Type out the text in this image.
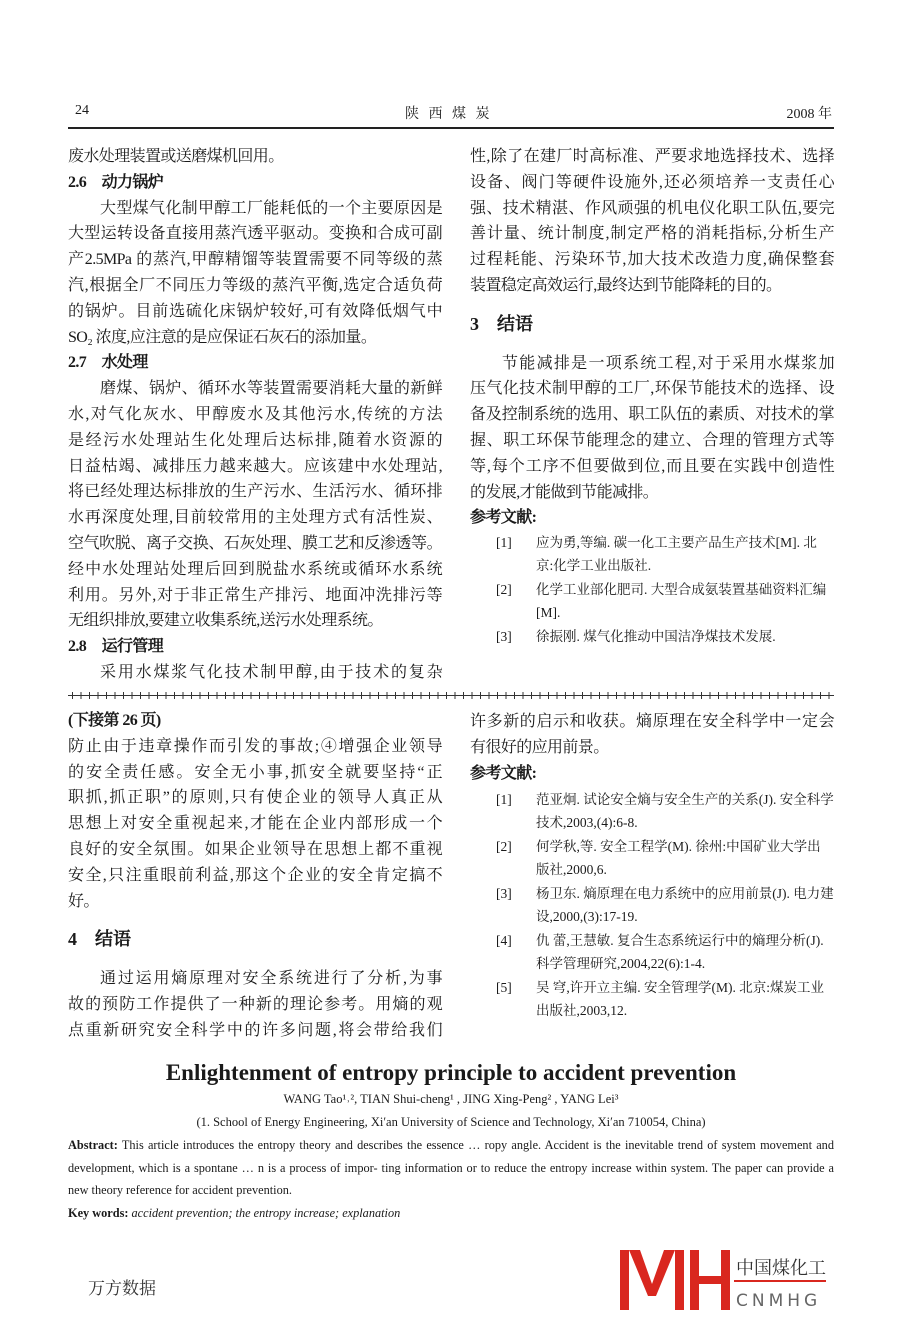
24	陕 西 煤 炭	2008 年
废水处理装置或送磨煤机回用。
2.6　动力锅炉
大型煤气化制甲醇工厂能耗低的一个主要原因是
大型运转设备直接用蒸汽透平驱动。变换和合成可副
产2.5MPa 的蒸汽,甲醇精馏等装置需要不同等级的蒸
汽,根据全厂不同压力等级的蒸汽平衡,选定合适负荷
的锅炉。目前选硫化床锅炉较好,可有效降低烟气中
SO₂ 浓度,应注意的是应保证石灰石的添加量。
2.7　水处理
磨煤、锅炉、循环水等装置需要消耗大量的新鲜
水,对气化灰水、甲醇废水及其他污水,传统的方法
是经污水处理站生化处理后达标排,随着水资源的
日益枯竭、减排压力越来越大。应该建中水处理站,
将已经处理达标排放的生产污水、生活污水、循环排
水再深度处理,目前较常用的主处理方式有活性炭、
空气吹脱、离子交换、石灰处理、膜工艺和反渗透等。
经中水处理站处理后回到脱盐水系统或循环水系统
利用。另外,对于非正常生产排污、地面冲洗排污等
无组织排放,要建立收集系统,送污水处理系统。
2.8　运行管理
采用水煤浆气化技术制甲醇,由于技术的复杂
性,除了在建厂时高标准、严要求地选择技术、选择
设备、阀门等硬件设施外,还必须培养一支责任心
强、技术精湛、作风顽强的机电仪化职工队伍,要完
善计量、统计制度,制定严格的消耗指标,分析生产
过程耗能、污染环节,加大技术改造力度,确保整套
装置稳定高效运行,最终达到节能降耗的目的。
3　结语
节能减排是一项系统工程,对于采用水煤浆加
压气化技术制甲醇的工厂,环保节能技术的选择、设
备及控制系统的选用、职工队伍的素质、对技术的掌
握、职工环保节能理念的建立、合理的管理方式等
等,每个工序不但要做到位,而且要在实践中创造性
的发展,才能做到节能减排。
参考文献:
[1]	应为勇,等编. 碳一化工主要产品生产技术[M]. 北京:化学工业出版社.
[2]	化学工业部化肥司. 大型合成氨装置基础资料汇编[M].
[3]	徐振刚. 煤气化推动中国洁净煤技术发展.
(下接第 26 页)
防止由于违章操作而引发的事故;④增强企业领导
的安全责任感。安全无小事,抓安全就要坚持“正
职抓,抓正职”的原则,只有使企业的领导人真正从
思想上对安全重视起来,才能在企业内部形成一个
良好的安全氛围。如果企业领导在思想上都不重视
安全,只注重眼前利益,那这个企业的安全肯定搞不
好。
4　结语
通过运用熵原理对安全系统进行了分析,为事
故的预防工作提供了一种新的理论参考。用熵的观
点重新研究安全科学中的许多问题,将会带给我们
许多新的启示和收获。熵原理在安全科学中一定会
有很好的应用前景。
参考文献:
[1]	范亚炯. 试论安全熵与安全生产的关系(J). 安全科学技术,2003,(4):6-8.
[2]	何学秋,等. 安全工程学(M). 徐州:中国矿业大学出版社,2000,6.
[3]	杨卫东. 熵原理在电力系统中的应用前景(J). 电力建设,2000,(3):17-19.
[4]	仇 蕾,王慧敏. 复合生态系统运行中的熵理分析(J). 科学管理研究,2004,22(6):1-4.
[5]	吴 穹,许开立主编. 安全管理学(M). 北京:煤炭工业出版社,2003,12.
Enlightenment of entropy principle to accident prevention
WANG Tao¹˒², TIAN Shui-cheng¹ , JING Xing-Peng² , YANG Lei³
(1. School of Energy Engineering, Xi′an University of Science and Technology, Xi′an 710054, China)
Abstract: This article introduces the entropy theory and describes the essence … ropy angle. Accident is the inevitable trend of system movement and development, which is a spontane … n is a process of impor- ting information or to reduce the entropy increase within system. The paper can provide a new theory reference for accident prevention.
Key words: accident prevention; the entropy increase; explanation
中国煤化工
CNMHG
万方数据
